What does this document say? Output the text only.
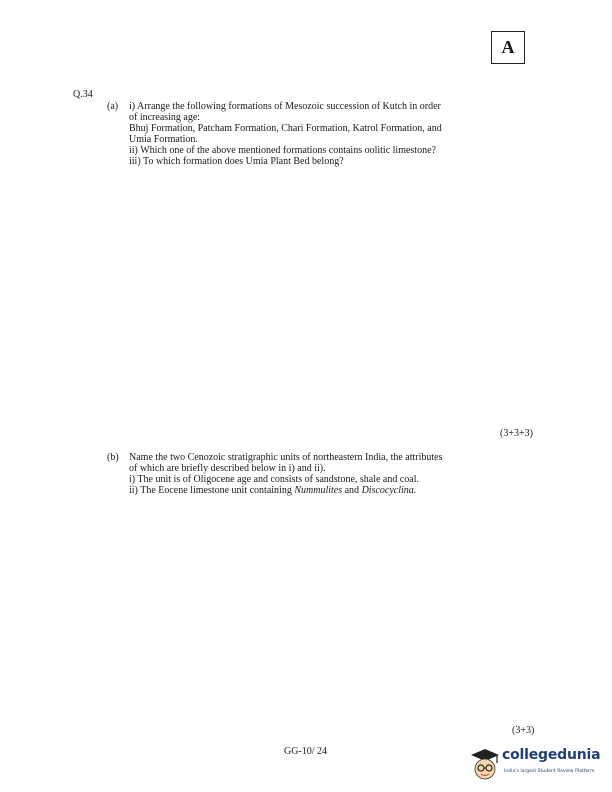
A
Q.34
(a) i) Arrange the following formations of Mesozoic succession of Kutch in order
of increasing age:
Bhuj Formation, Patcham Formation, Chari Formation, Katrol Formation, and
Umia Formation.
ii) Which one of the above mentioned formations contains oolitic limestone?
iii) To which formation does Umia Plant Bed belong?
(3+3+3)
(b) Name the two Cenozoic stratigraphic units of northeastern India, the attributes
of which are briefly described below in i) and ii).
i) The unit is of Oligocene age and consists of sandstone, shale and coal.
ii) The Eocene limestone unit containing Nummulites and Discocyclina.
(3+3)
GG-10/ 24	collegedunia
India's largest Student Review Platform
